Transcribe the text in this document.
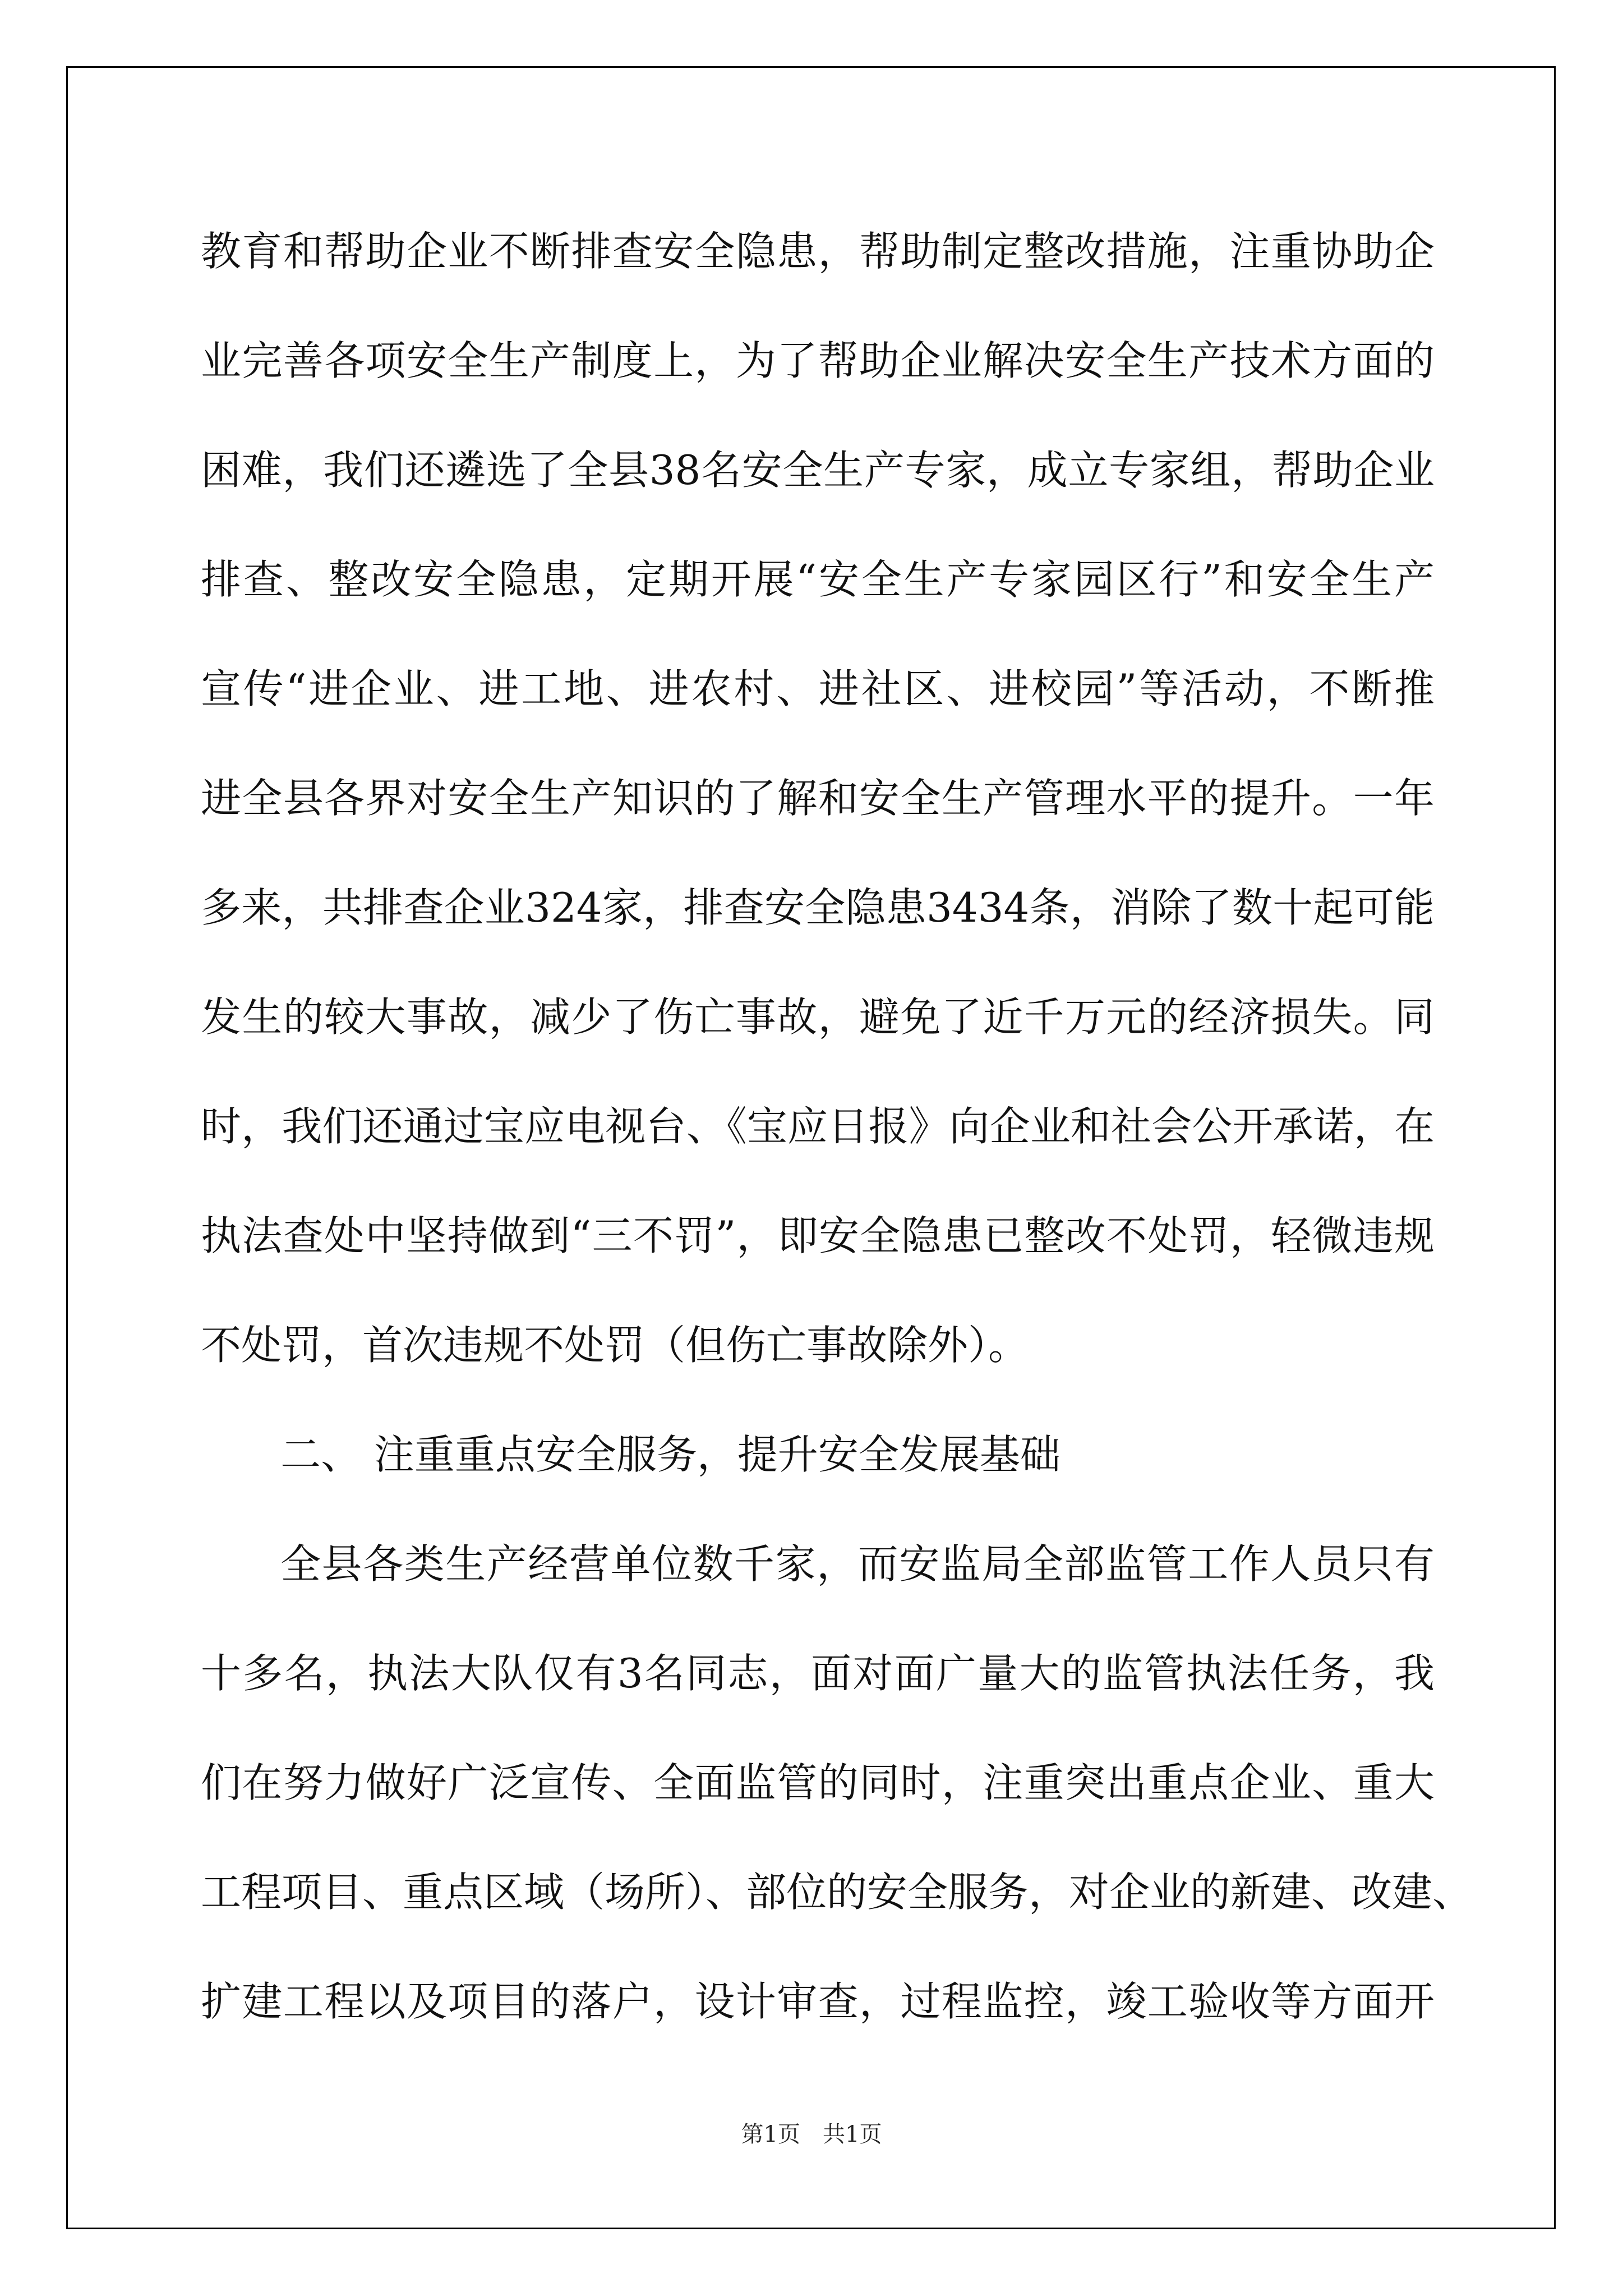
教育和帮助企业不断排查安全隐患，帮助制定整改措施，注重协助企
业完善各项安全生产制度上，为了帮助企业解决安全生产技术方面的
困难，我们还遴选了全县38名安全生产专家，成立专家组，帮助企业
排查、整改安全隐患，定期开展“安全生产专家园区行”和安全生产
宣传“进企业、进工地、进农村、进社区、进校园”等活动，不断推
进全县各界对安全生产知识的了解和安全生产管理水平的提升。一年
多来，共排查企业324家，排查安全隐患3434条，消除了数十起可能
发生的较大事故，减少了伤亡事故，避免了近千万元的经济损失。同
时，我们还通过宝应电视台、《宝应日报》向企业和社会公开承诺，在
执法查处中坚持做到“三不罚”，即安全隐患已整改不处罚，轻微违规
不处罚，首次违规不处罚（但伤亡事故除外）。
二、 注重重点安全服务，提升安全发展基础
全县各类生产经营单位数千家，而安监局全部监管工作人员只有
十多名，执法大队仅有3名同志，面对面广量大的监管执法任务，我
们在努力做好广泛宣传、全面监管的同时，注重突出重点企业、重大
工程项目、重点区域（场所）、部位的安全服务，对企业的新建、改建、
扩建工程以及项目的落户，设计审查，过程监控，竣工验收等方面开
第1页 共1页
